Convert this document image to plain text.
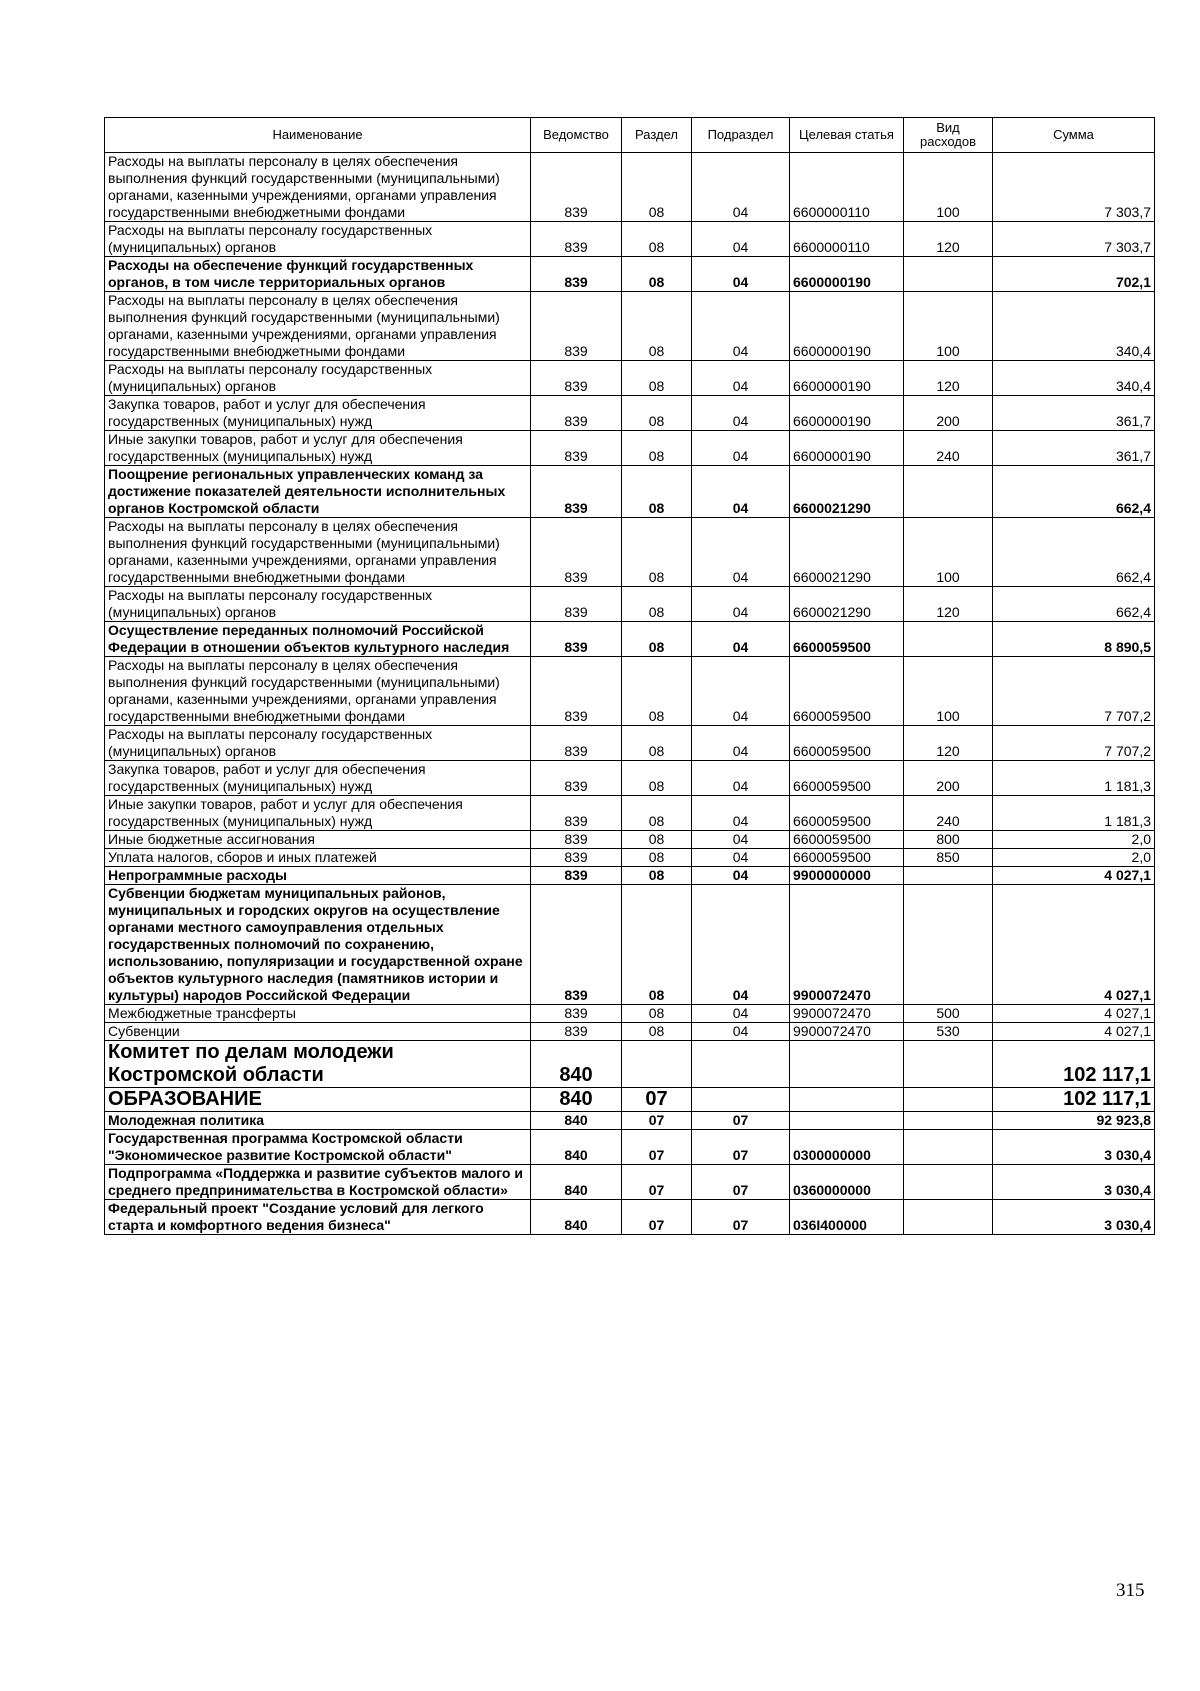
Наименование	Ведомство	Раздел	Подраздел	Целевая статья	Вид расходов	Сумма
Расходы на выплаты персоналу в целях обеспечения выполнения функций государственными (муниципальными) органами, казенными учреждениями, органами управления государственными внебюджетными фондами	839	08	04	6600000110	100	7 303,7
Расходы на выплаты персоналу государственных (муниципальных) органов	839	08	04	6600000110	120	7 303,7
Расходы на обеспечение функций государственных органов, в том числе территориальных органов	839	08	04	6600000190		702,1
Расходы на выплаты персоналу в целях обеспечения выполнения функций государственными (муниципальными) органами, казенными учреждениями, органами управления государственными внебюджетными фондами	839	08	04	6600000190	100	340,4
Расходы на выплаты персоналу государственных (муниципальных) органов	839	08	04	6600000190	120	340,4
Закупка товаров, работ и услуг для обеспечения государственных (муниципальных) нужд	839	08	04	6600000190	200	361,7
Иные закупки товаров, работ и услуг для обеспечения государственных (муниципальных) нужд	839	08	04	6600000190	240	361,7
Поощрение региональных управленческих команд за достижение показателей деятельности исполнительных органов Костромской области	839	08	04	6600021290		662,4
Расходы на выплаты персоналу в целях обеспечения выполнения функций государственными (муниципальными) органами, казенными учреждениями, органами управления государственными внебюджетными фондами	839	08	04	6600021290	100	662,4
Расходы на выплаты персоналу государственных (муниципальных) органов	839	08	04	6600021290	120	662,4
Осуществление переданных полномочий Российской Федерации в отношении объектов культурного наследия	839	08	04	6600059500		8 890,5
Расходы на выплаты персоналу в целях обеспечения выполнения функций государственными (муниципальными) органами, казенными учреждениями, органами управления государственными внебюджетными фондами	839	08	04	6600059500	100	7 707,2
Расходы на выплаты персоналу государственных (муниципальных) органов	839	08	04	6600059500	120	7 707,2
Закупка товаров, работ и услуг для обеспечения государственных (муниципальных) нужд	839	08	04	6600059500	200	1 181,3
Иные закупки товаров, работ и услуг для обеспечения государственных (муниципальных) нужд	839	08	04	6600059500	240	1 181,3
Иные бюджетные ассигнования	839	08	04	6600059500	800	2,0
Уплата налогов, сборов и иных платежей	839	08	04	6600059500	850	2,0
Непрограммные расходы	839	08	04	9900000000		4 027,1
Субвенции бюджетам муниципальных районов, муниципальных и городских округов на осуществление органами местного самоуправления отдельных государственных полномочий по сохранению, использованию, популяризации и государственной охране объектов культурного наследия (памятников истории и культуры) народов Российской Федерации	839	08	04	9900072470		4 027,1
Межбюджетные трансферты	839	08	04	9900072470	500	4 027,1
Субвенции	839	08	04	9900072470	530	4 027,1
Комитет по делам молодежи Костромской области	840					102 117,1
ОБРАЗОВАНИЕ	840	07				102 117,1
Молодежная политика	840	07	07			92 923,8
Государственная программа Костромской области "Экономическое развитие Костромской области"	840	07	07	0300000000		3 030,4
Подпрограмма «Поддержка и развитие субъектов малого и среднего предпринимательства в Костромской области»	840	07	07	0360000000		3 030,4
Федеральный проект "Создание условий для легкого старта и комфортного ведения бизнеса"	840	07	07	036I400000		3 030,4
315
